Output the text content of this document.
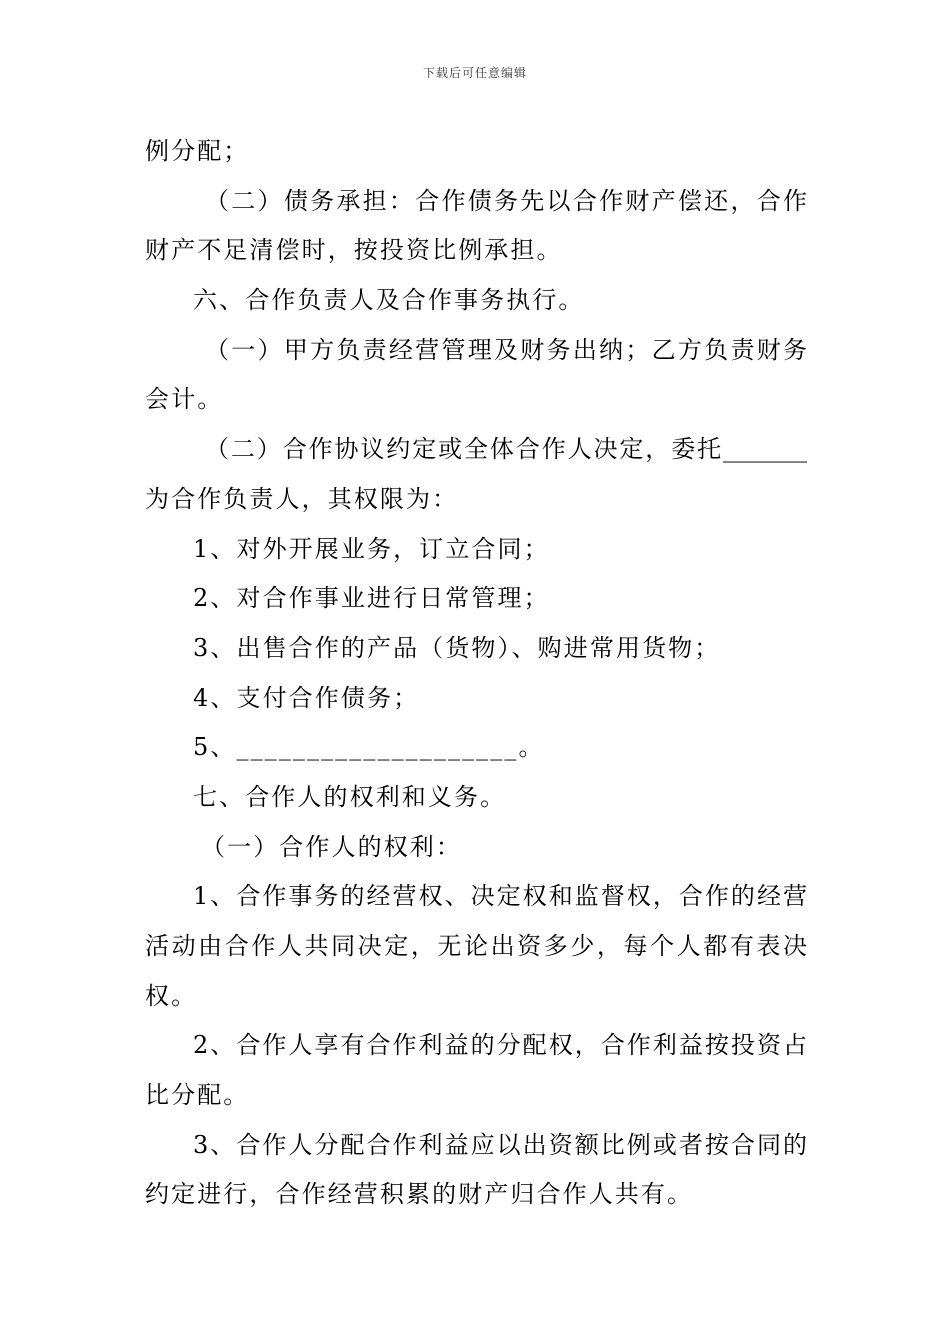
下载后可任意编辑
例分配；
（二）债务承担：合作债务先以合作财产偿还，合作
财产不足清偿时，按投资比例承担。
六、合作负责人及合作事务执行。
（一）甲方负责经营管理及财务出纳；乙方负责财务
会计。
（二）合作协议约定或全体合作人决定，委托_______
为合作负责人，其权限为：
1、对外开展业务，订立合同；
2、对合作事业进行日常管理；
3、出售合作的产品（货物）、购进常用货物；
4、支付合作债务；
5、____________________。
七、合作人的权利和义务。
（一）合作人的权利：
1、合作事务的经营权、决定权和监督权，合作的经营
活动由合作人共同决定，无论出资多少，每个人都有表决
权。
2、合作人享有合作利益的分配权，合作利益按投资占
比分配。
3、合作人分配合作利益应以出资额比例或者按合同的
约定进行，合作经营积累的财产归合作人共有。
